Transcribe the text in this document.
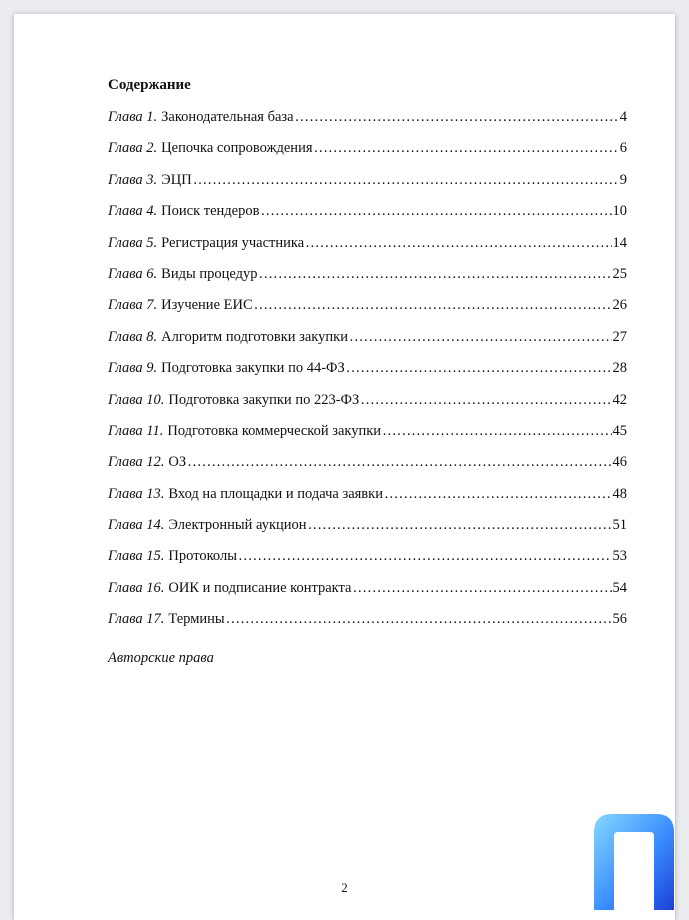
Содержание
Глава 1. Законодательная база ……………………………………………………………………………………………………………………………………………………	4
Глава 2. Цепочка сопровождения ……………………………………………………………………………………………………………………………………………………	6
Глава 3. ЭЦП ……………………………………………………………………………………………………………………………………………………	9
Глава 4. Поиск тендеров ……………………………………………………………………………………………………………………………………………………	10
Глава 5. Регистрация участника ……………………………………………………………………………………………………………………………………………………	14
Глава 6. Виды процедур ……………………………………………………………………………………………………………………………………………………	25
Глава 7. Изучение ЕИС ……………………………………………………………………………………………………………………………………………………	26
Глава 8. Алгоритм подготовки закупки ……………………………………………………………………………………………………………………………………………………	27
Глава 9. Подготовка закупки по 44-ФЗ ……………………………………………………………………………………………………………………………………………………	28
Глава 10. Подготовка закупки по 223-ФЗ ……………………………………………………………………………………………………………………………………………………	42
Глава 11. Подготовка коммерческой закупки ……………………………………………………………………………………………………………………………………………………	45
Глава 12. ОЗ ……………………………………………………………………………………………………………………………………………………	46
Глава 13. Вход на площадки и подача заявки ……………………………………………………………………………………………………………………………………………………	48
Глава 14. Электронный аукцион ……………………………………………………………………………………………………………………………………………………	51
Глава 15. Протоколы ……………………………………………………………………………………………………………………………………………………	53
Глава 16. ОИК и подписание контракта ……………………………………………………………………………………………………………………………………………………	54
Глава 17. Термины ……………………………………………………………………………………………………………………………………………………	56
Авторские права
2
